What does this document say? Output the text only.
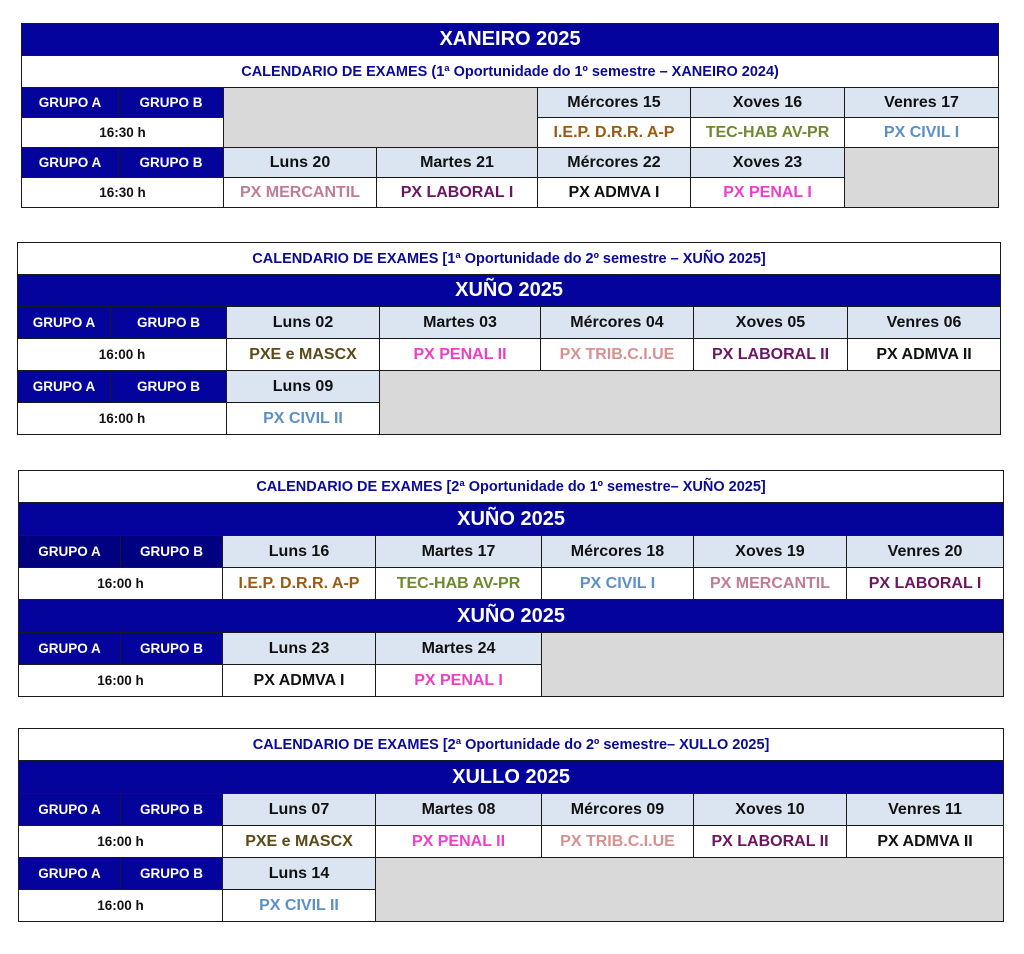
XANEIRO 2025						
CALENDARIO DE EXAMES (1ª Oportunidade do 1º semestre – XANEIRO 2024)						
GRUPO A	GRUPO B			Mércores 15	Xoves 16	Venres 17
16:30 h				I.E.P. D.R.R. A-P	TEC-HAB AV-PR	PX CIVIL I
GRUPO A	GRUPO B	Luns 20	Martes 21	Mércores 22	Xoves 23	
16:30 h		PX MERCANTIL	PX LABORAL I	PX ADMVA I	PX PENAL I	
CALENDARIO DE EXAMES [1ª Oportunidade do 2º semestre – XUÑO 2025]						
XUÑO 2025						
GRUPO A	GRUPO B	Luns 02	Martes 03	Mércores 04	Xoves 05	Venres 06
16:00 h		PXE e MASCX	PX PENAL II	PX TRIB.C.I.UE	PX LABORAL II	PX ADMVA II
GRUPO A	GRUPO B	Luns 09				
16:00 h		PX CIVIL II				
CALENDARIO DE EXAMES [2ª Oportunidade do 1º semestre– XUÑO 2025]						
XUÑO 2025						
GRUPO A	GRUPO B	Luns 16	Martes 17	Mércores 18	Xoves 19	Venres 20
16:00 h		I.E.P. D.R.R. A-P	TEC-HAB AV-PR	PX CIVIL I	PX MERCANTIL	PX LABORAL I
XUÑO 2025						
GRUPO A	GRUPO B	Luns 23	Martes 24			
16:00 h		PX ADMVA I	PX PENAL I			
CALENDARIO DE EXAMES [2ª Oportunidade do 2º semestre– XULLO 2025]						
XULLO 2025						
GRUPO A	GRUPO B	Luns 07	Martes 08	Mércores 09	Xoves 10	Venres 11
16:00 h		PXE e MASCX	PX PENAL II	PX TRIB.C.I.UE	PX LABORAL II	PX ADMVA II
GRUPO A	GRUPO B	Luns 14				
16:00 h		PX CIVIL II				
